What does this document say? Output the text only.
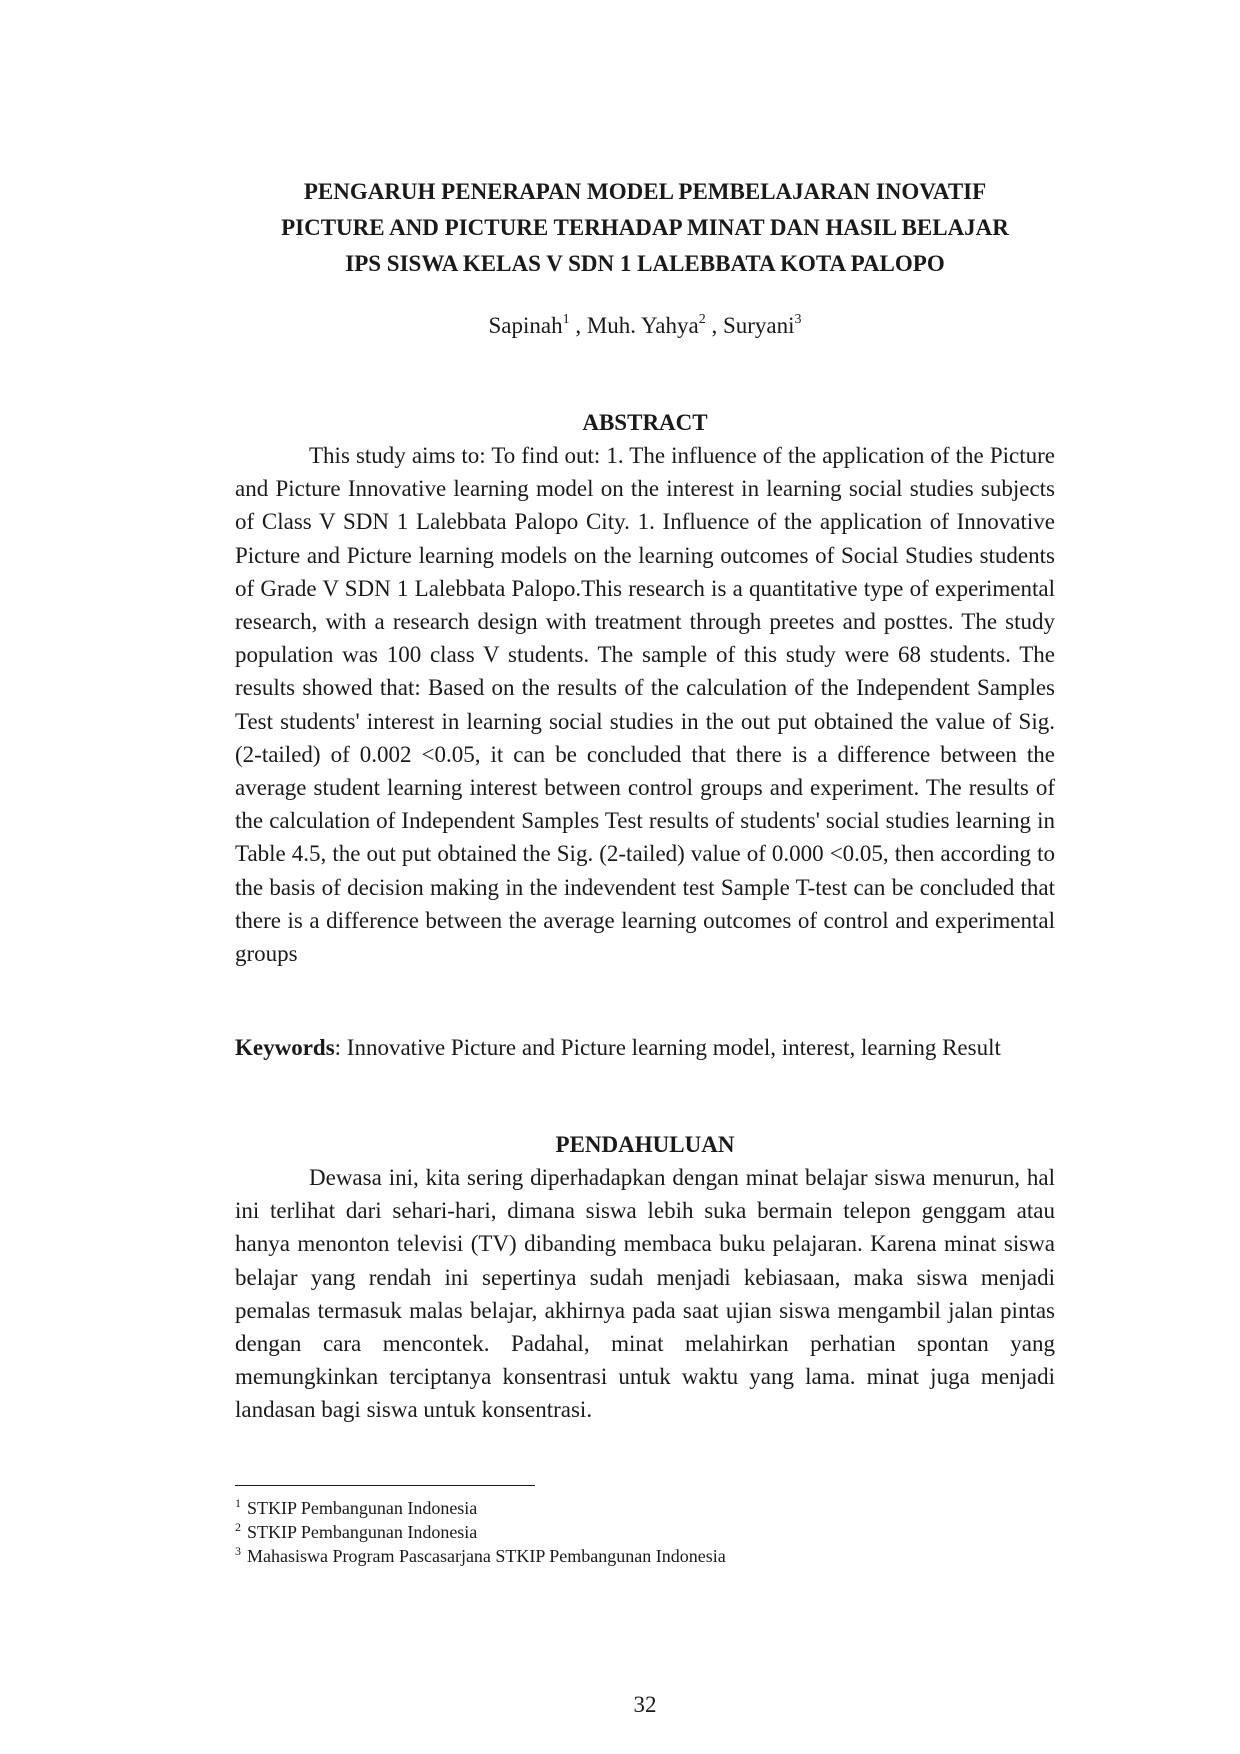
PENGARUH PENERAPAN MODEL PEMBELAJARAN INOVATIF
PICTURE AND PICTURE TERHADAP MINAT DAN HASIL BELAJAR
IPS SISWA KELAS V SDN 1 LALEBBATA KOTA PALOPO
Sapinah$^1$ , Muh. Yahya$^2$ , Suryani$^3$
ABSTRACT
This study aims to: To find out: 1. The influence of the application of the Picture and Picture Innovative learning model on the interest in learning social studies subjects of Class V SDN 1 Lalebbata Palopo City. 1. Influence of the application of Innovative Picture and Picture learning models on the learning outcomes of Social Studies students of Grade V SDN 1 Lalebbata Palopo.This research is a quantitative type of experimental research, with a research design with treatment through preetes and posttes. The study population was 100 class V students. The sample of this study were 68 students. The results showed that: Based on the results of the calculation of the Independent Samples Test students' interest in learning social studies in the out put obtained the value of Sig. (2-tailed) of 0.002 <0.05, it can be concluded that there is a difference between the average student learning interest between control groups and experiment. The results of the calculation of Independent Samples Test results of students' social studies learning in Table 4.5, the out put obtained the Sig. (2-tailed) value of 0.000 <0.05, then according to the basis of decision making in the indevendent test Sample T-test can be concluded that there is a difference between the average learning outcomes of control and experimental groups
Keywords: Innovative Picture and Picture learning model, interest, learning Result
PENDAHULUAN
Dewasa ini, kita sering diperhadapkan dengan minat belajar siswa menurun, hal ini terlihat dari sehari-hari, dimana siswa lebih suka bermain telepon genggam atau hanya menonton televisi (TV) dibanding membaca buku pelajaran. Karena minat siswa belajar yang rendah ini sepertinya sudah menjadi kebiasaan, maka siswa menjadi pemalas termasuk malas belajar, akhirnya pada saat ujian siswa mengambil jalan pintas dengan cara mencontek. Padahal, minat melahirkan perhatian spontan yang memungkinkan terciptanya konsentrasi untuk waktu yang lama. minat juga menjadi landasan bagi siswa untuk konsentrasi.
$^1$ STKIP Pembangunan Indonesia
$^2$ STKIP Pembangunan Indonesia
$^3$ Mahasiswa Program Pascasarjana STKIP Pembangunan Indonesia
32
